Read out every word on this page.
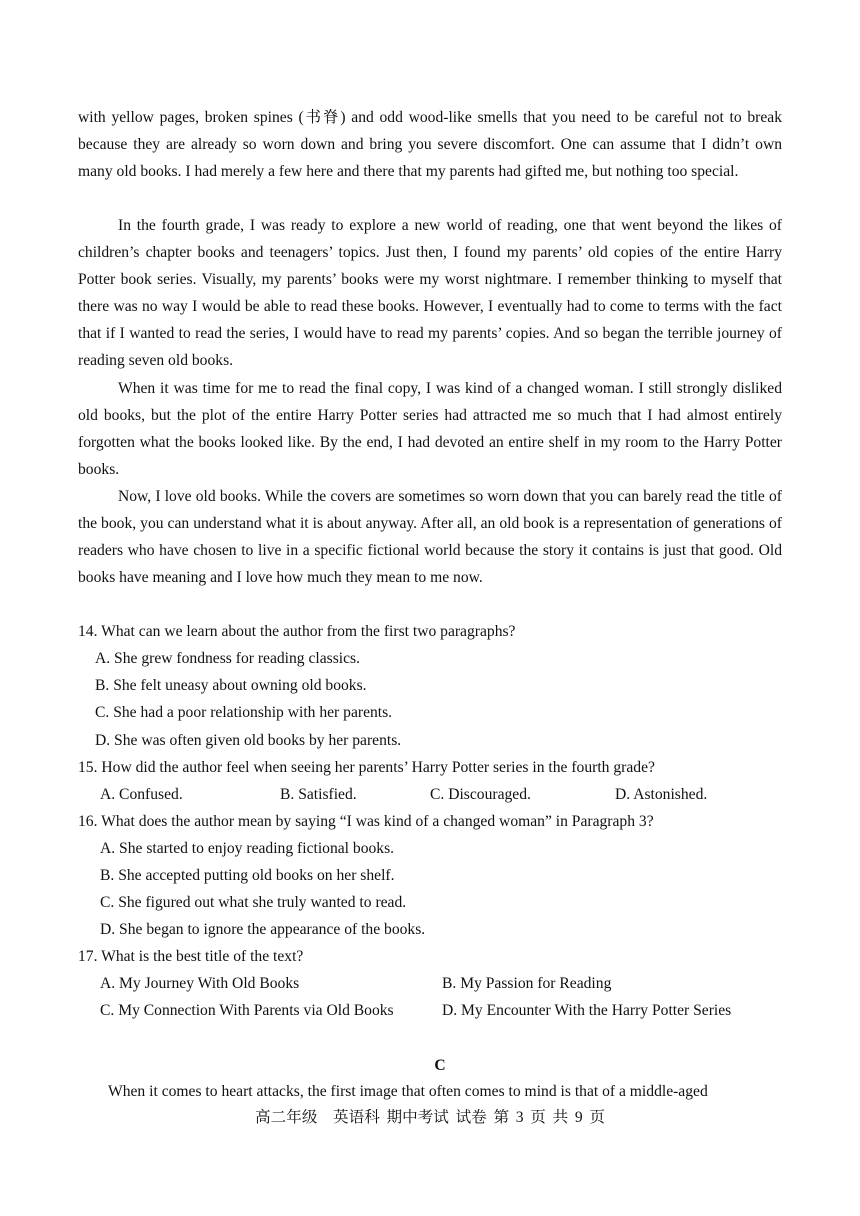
with yellow pages, broken spines (书脊) and odd wood-like smells that you need to be careful not to break because they are already so worn down and bring you severe discomfort. One can assume that I didn’t own many old books. I had merely a few here and there that my parents had gifted me, but nothing too special.

In the fourth grade, I was ready to explore a new world of reading, one that went beyond the likes of children’s chapter books and teenagers’ topics. Just then, I found my parents’ old copies of the entire Harry Potter book series. Visually, my parents’ books were my worst nightmare. I remember thinking to myself that there was no way I would be able to read these books. However, I eventually had to come to terms with the fact that if I wanted to read the series, I would have to read my parents’ copies. And so began the terrible journey of reading seven old books.

When it was time for me to read the final copy, I was kind of a changed woman. I still strongly disliked old books, but the plot of the entire Harry Potter series had attracted me so much that I had almost entirely forgotten what the books looked like. By the end, I had devoted an entire shelf in my room to the Harry Potter books.

Now, I love old books. While the covers are sometimes so worn down that you can barely read the title of the book, you can understand what it is about anyway. After all, an old book is a representation of generations of readers who have chosen to live in a specific fictional world because the story it contains is just that good. Old books have meaning and I love how much they mean to me now.

14. What can we learn about the author from the first two paragraphs?

A. She grew fondness for reading classics.

B. She felt uneasy about owning old books.

C. She had a poor relationship with her parents.

D. She was often given old books by her parents.

15. How did the author feel when seeing her parents’ Harry Potter series in the fourth grade?

A. Confused.	B. Satisfied.	C. Discouraged.	D. Astonished.

16. What does the author mean by saying “I was kind of a changed woman” in Paragraph 3?

A. She started to enjoy reading fictional books.

B. She accepted putting old books on her shelf.

C. She figured out what she truly wanted to read.

D. She began to ignore the appearance of the books.

17. What is the best title of the text?

A. My Journey With Old Books	B. My Passion for Reading

C. My Connection With Parents via Old Books	D. My Encounter With the Harry Potter Series

C

When it comes to heart attacks, the first image that often comes to mind is that of a middle-aged

高二年级　英语科 期中考试 试卷 第 3 页 共 9 页
